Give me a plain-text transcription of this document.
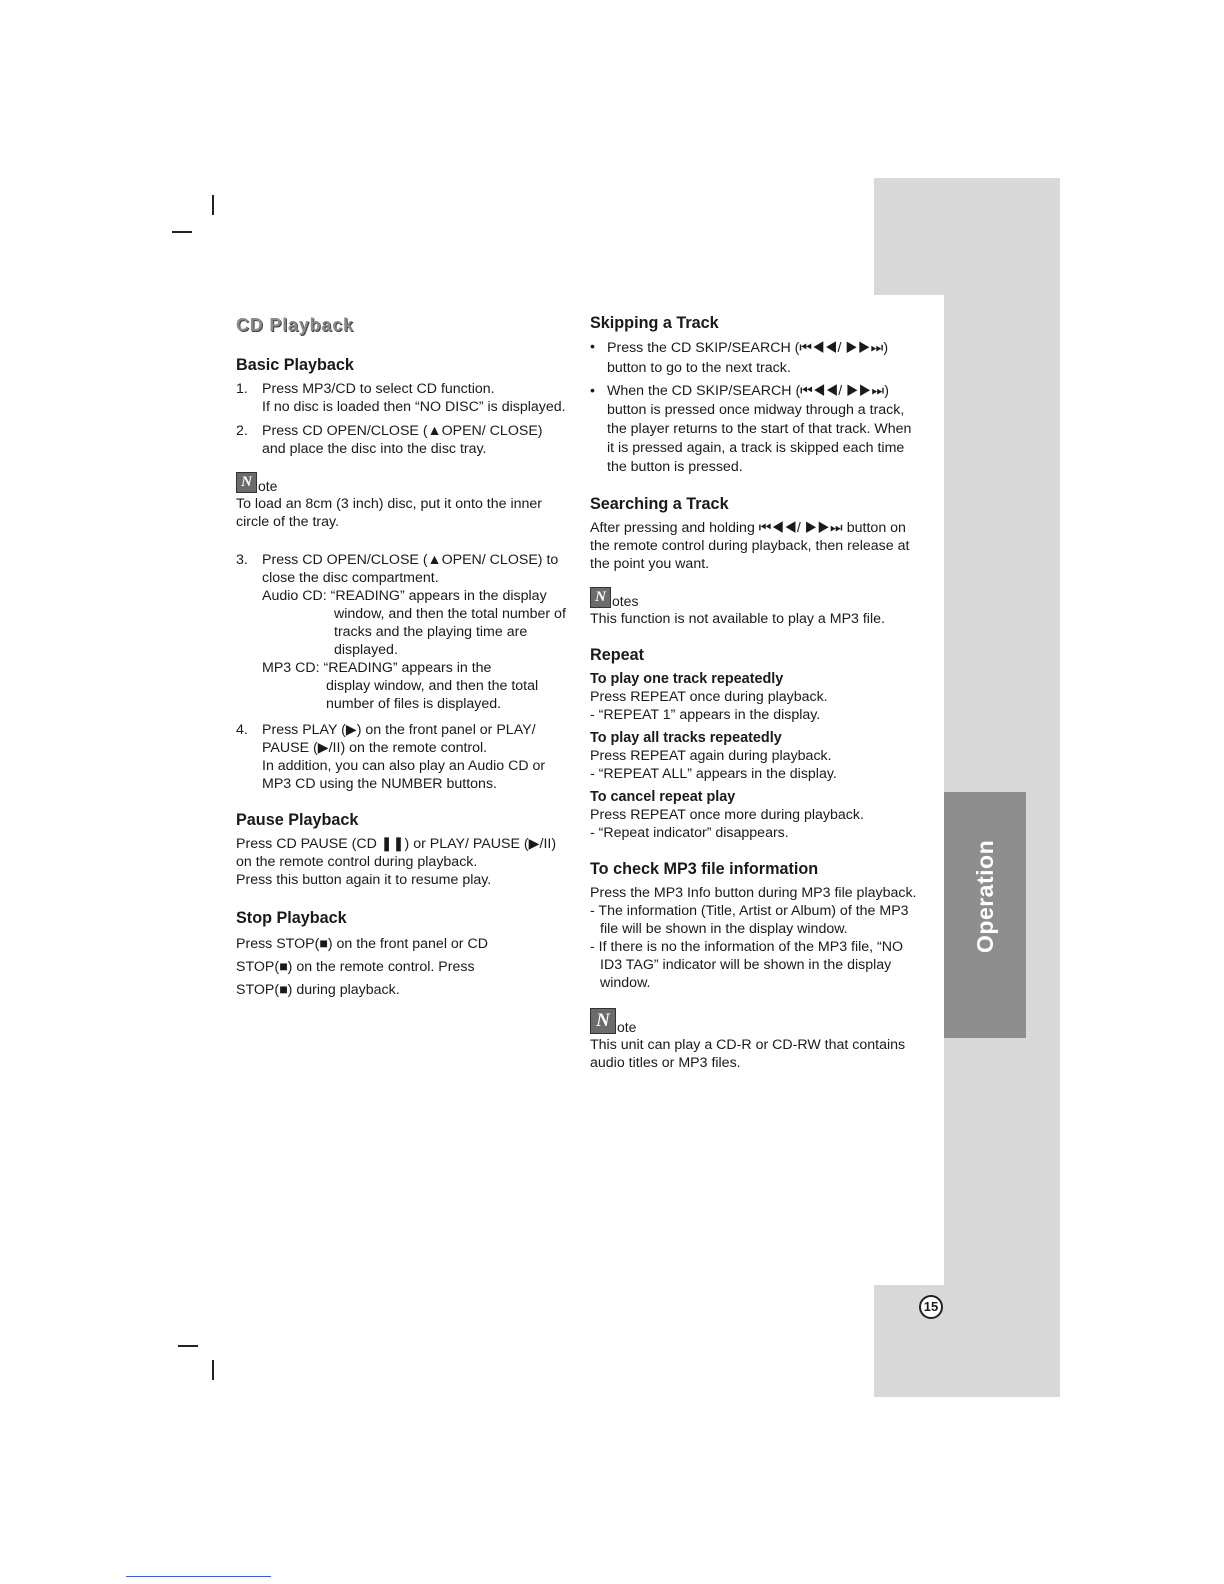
Operation
15
CD Playback
Basic Playback
1. Press MP3/CD to select CD function.

If no disc is loaded then “NO DISC” is displayed.

2. Press CD OPEN/CLOSE (▲OPEN/ CLOSE) and place the disc into the disc tray.

N ote

To load an 8cm (3 inch) disc, put it onto the inner circle of the tray.

3. Press CD OPEN/CLOSE (▲OPEN/ CLOSE) to close the disc compartment.

Audio CD: “READING” appears in the display

window, and then the total number of tracks and the playing time are displayed.

MP3 CD: “READING” appears in the

display window, and then the total number of files is displayed.

4. Press PLAY (▶) on the front panel or PLAY/ PAUSE (▶/II) on the remote control.

In addition, you can also play an Audio CD or MP3 CD using the NUMBER buttons.

Pause Playback

Press CD PAUSE (CD ❚❚) or PLAY/ PAUSE (▶/II) on the remote control during playback.

Press this button again it to resume play.

Stop Playback

Press STOP(■) on the front panel or CD

STOP(■) on the remote control. Press

STOP(■) during playback.

Skipping a Track
• Press the CD SKIP/SEARCH (⏮◀◀/ ▶▶⏭) button to go to the next track.

• When the CD SKIP/SEARCH (⏮◀◀/ ▶▶⏭) button is pressed once midway through a track, the player returns to the start of that track. When it is pressed again, a track is skipped each time the button is pressed.

Searching a Track

After pressing and holding ⏮◀◀/ ▶▶⏭ button on the remote control during playback, then release at the point you want.

N otes

This function is not available to play a MP3 file.

Repeat
To play one track repeatedly

Press REPEAT once during playback.

- “REPEAT 1” appears in the display.

To play all tracks repeatedly

Press REPEAT again during playback.

- “REPEAT ALL” appears in the display.

To cancel repeat play

Press REPEAT once more during playback.

- “Repeat indicator” disappears.

To check MP3 file information

Press the MP3 Info button during MP3 file playback.

- The information (Title, Artist or Album) of the MP3 file will be shown in the display window.

- If there is no the information of the MP3 file, “NO ID3 TAG” indicator will be shown in the display window.

N ote

This unit can play a CD-R or CD-RW that contains audio titles or MP3 files.
